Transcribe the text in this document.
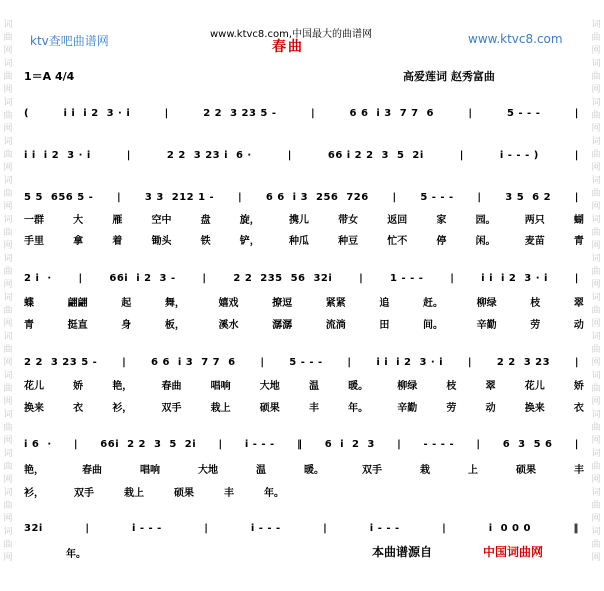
词
曲
网
词
曲
网
词
曲
网
词
曲
网
词
曲
网
词
曲
网
词
曲
网
词
曲
网
词
曲
网
词
曲
网
词
曲
网
词
曲
网
词
曲
网
词
曲
网
词
曲
网
词
曲
网
词
曲
网
词
曲
网
词
曲
网
词
曲
网
词
曲
网
词
曲
网
词
曲
网
词
曲
网
词
曲
网
词
曲
网
词
曲
网
词
曲
网
ktv查吧曲谱网	www.ktvc8.com,中国最大的曲谱网	www.ktvc8.com
春曲
1＝A 4/4	高爱莲词 赵秀富曲
(	i i  i 2  3 · i	|	2 2  3 23 5 -	|	6 6  i 3  7 7  6	|	5 - - -	|
i i  i 2  3 · i	|	2 2  3 23 i  6 ·	|	66 i 2 2  3  5  2i	|	i - - - )	|
5 5  656 5 - | 3 3  212 1 - | 6 6  i 3  256  726 | 5 - - - | 3 5  6 2 |
2 i  ·	|	66i  i 2  3 -	|	2 2  235  56  32i	|	1 - - -	|	i i  i 2  3 · i	|
2 2  3 23 5 - | 6 6  i 3  7 7  6 | 5 - - - | i i  i 2  3 · i | 2 2  3 23 |
i 6  · | 66i  2 2  3  5  2i | i - - - ‖ 6  i  2  3 | - - - - | 6  3  5 6 |
32i	|	i - - -	|	i - - -	|	i - - -	|	i  0 0 0	‖
一群	大	雁	空中	盘	旋，	携儿	带女	返回	家	园。	两只	蝴
手里	拿	着	锄头	铁	铲，	种瓜	种豆	忙不	停	闲。	麦苗	青
蝶	翩翩	起	舞，	嬉戏	撩逗	紧紧	追	赶。	柳绿	枝	翠
青	挺直	身	板，	溪水	潺潺	流淌	田	间。	辛勤	劳	动
花儿	娇	艳，	春曲	唱响	大地	温	暖。	柳绿	枝	翠	花儿	娇
换来	衣	衫，	双手	栽上	硕果	丰	年。	辛勤	劳	动	换来	衣
艳，	春曲	唱响	大地	温	暖。	双手	栽	上	硕果	丰
衫，	双手	栽上	硕果	丰	年。
年。	本曲谱源自	中国词曲网
